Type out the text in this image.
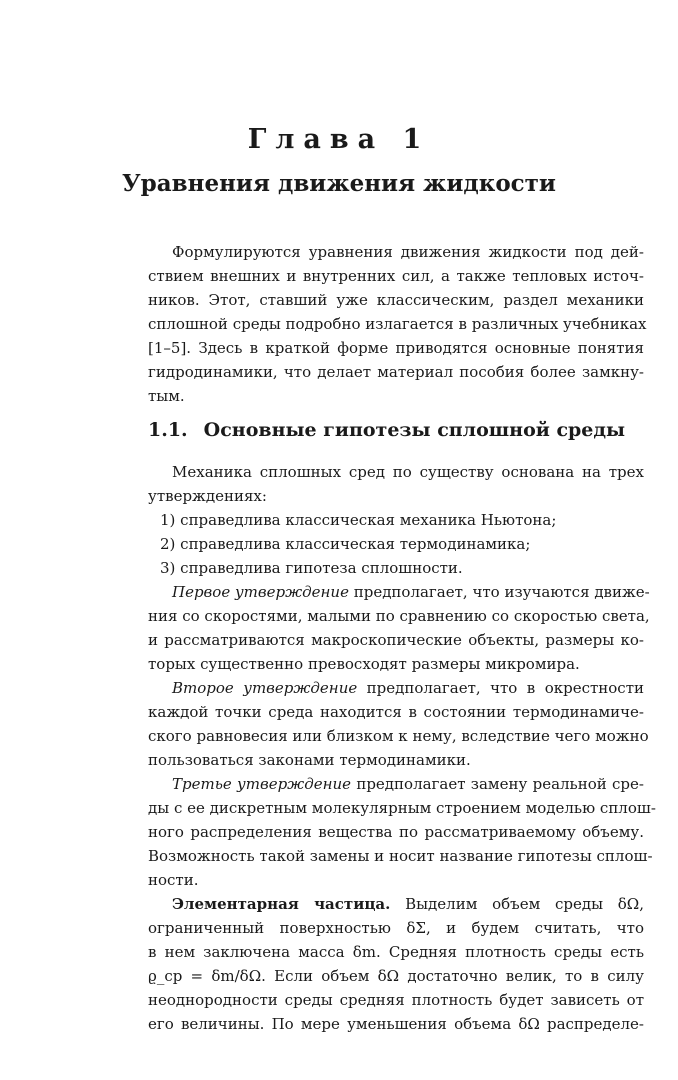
Глава 1
Уравнения движения жидкости
Формулируются уравнения движения жидкости под дей-
ствием внешних и внутренних сил, а также тепловых источ-
ников. Этот, ставший уже классическим, раздел механики
сплошной среды подробно излагается в различных учебниках
[1–5]. Здесь в краткой форме приводятся основные понятия
гидродинамики, что делает материал пособия более замкну-
тым.
1.1. Основные гипотезы сплошной среды
Механика сплошных сред по существу основана на трех
утверждениях:
1) справедлива классическая механика Ньютона;
2) справедлива классическая термодинамика;
3) справедлива гипотеза сплошности.
Первое утверждение предполагает, что изучаются движе-
ния со скоростями, малыми по сравнению со скоростью света,
и рассматриваются макроскопические объекты, размеры ко-
торых существенно превосходят размеры микромира.
Второе утверждение предполагает, что в окрестности
каждой точки среда находится в состоянии термодинамиче-
ского равновесия или близком к нему, вследствие чего можно
пользоваться законами термодинамики.
Третье утверждение предполагает замену реальной сре-
ды с ее дискретным молекулярным строением моделью сплош-
ного распределения вещества по рассматриваемому объему.
Возможность такой замены и носит название гипотезы сплош-
ности.
Элементарная частица. Выделим объем среды δΩ,
ограниченный поверхностью δΣ, и будем считать, что
в нем заключена масса δm. Средняя плотность среды есть
ϱ_ср = δm/δΩ. Если объем δΩ достаточно велик, то в силу
неоднородности среды средняя плотность будет зависеть от
его величины. По мере уменьшения объема δΩ распределе-
